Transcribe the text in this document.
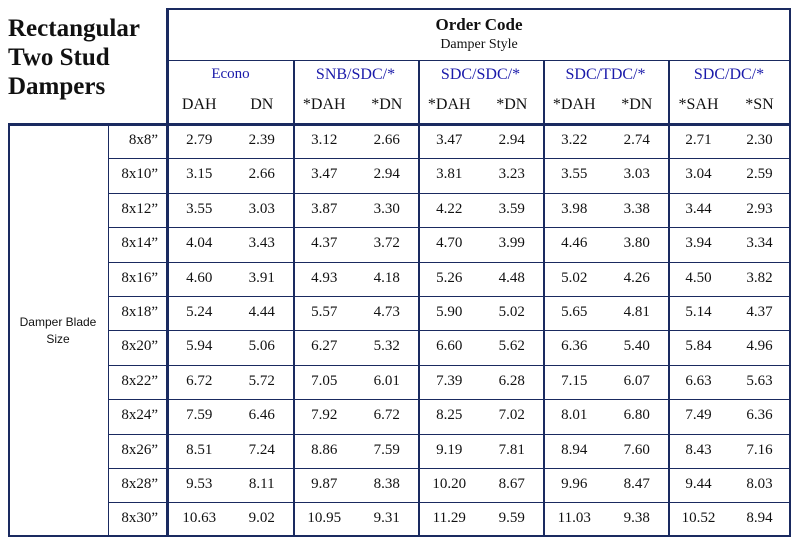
Rectangular
Two Stud
Dampers
Order Code
Damper Style
Damper Blade
Size
Econo
DAH	DN
SNB/SDC/*
*DAH	*DN
SDC/SDC/*
*DAH	*DN
SDC/TDC/*
*DAH	*DN
SDC/DC/*
*SAH	*SN
8x8”	2.79	2.39	3.12	2.66	3.47	2.94	3.22	2.74	2.71	2.30
8x10”	3.15	2.66	3.47	2.94	3.81	3.23	3.55	3.03	3.04	2.59
8x12”	3.55	3.03	3.87	3.30	4.22	3.59	3.98	3.38	3.44	2.93
8x14”	4.04	3.43	4.37	3.72	4.70	3.99	4.46	3.80	3.94	3.34
8x16”	4.60	3.91	4.93	4.18	5.26	4.48	5.02	4.26	4.50	3.82
8x18”	5.24	4.44	5.57	4.73	5.90	5.02	5.65	4.81	5.14	4.37
8x20”	5.94	5.06	6.27	5.32	6.60	5.62	6.36	5.40	5.84	4.96
8x22”	6.72	5.72	7.05	6.01	7.39	6.28	7.15	6.07	6.63	5.63
8x24”	7.59	6.46	7.92	6.72	8.25	7.02	8.01	6.80	7.49	6.36
8x26”	8.51	7.24	8.86	7.59	9.19	7.81	8.94	7.60	8.43	7.16
8x28”	9.53	8.11	9.87	8.38	10.20	8.67	9.96	8.47	9.44	8.03
8x30”	10.63	9.02	10.95	9.31	11.29	9.59	11.03	9.38	10.52	8.94
